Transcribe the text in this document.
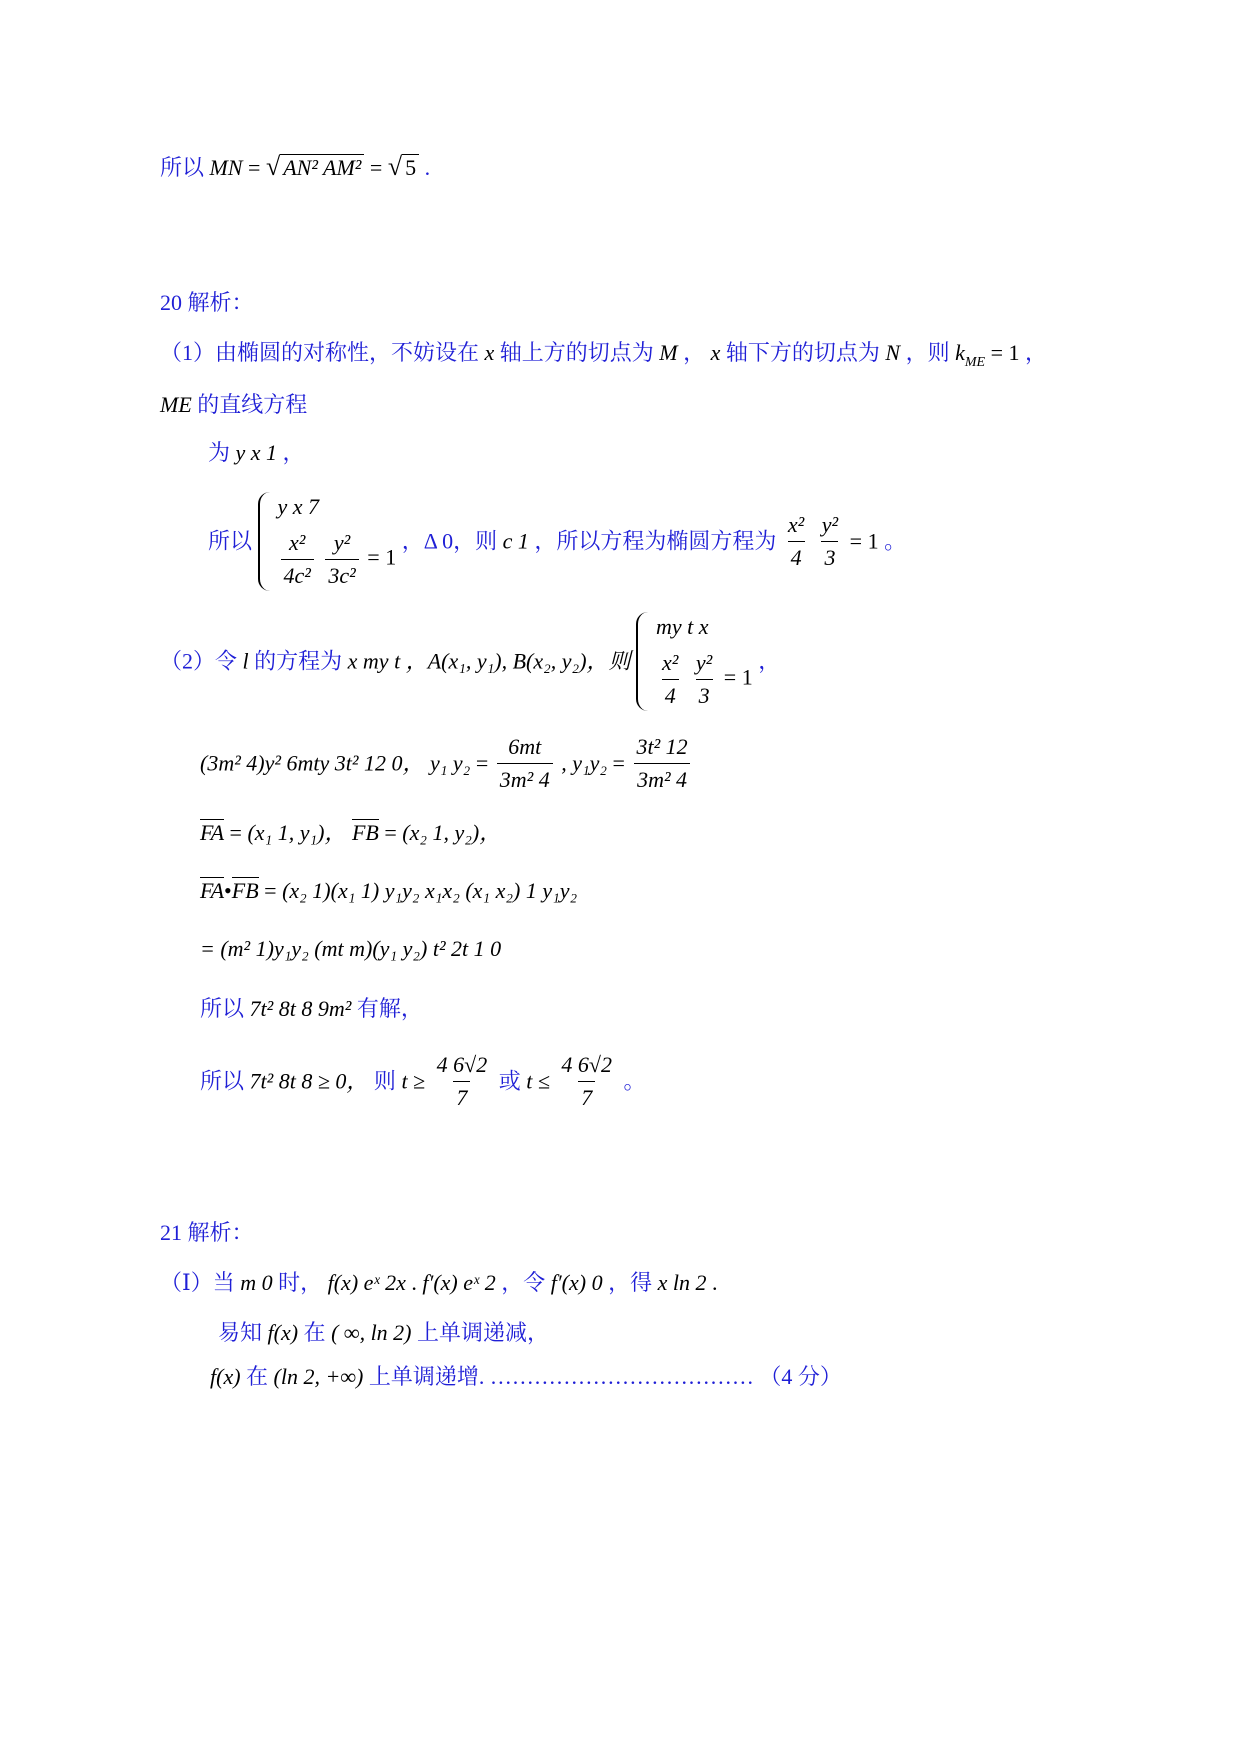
所以 MN = √ AN² AM² = √ 5 .
20 解析：
（1）由椭圆的对称性，不妨设在 x 轴上方的切点为 M ， x 轴下方的切点为 N ，则 $k_{ME} = 1$ ，
ME 的直线方程
为 y x 1 ，
所以
y x 7
$\frac{\text{x²}}{\text{4c²}}$
$\frac{\text{y²}}{\text{3c²}} = 1$
，Δ 0，则 c 1 ，所以方程为椭圆方程为 $\frac{\text{x²}}{4}$
$\frac{\text{y²}}{3} = 1$ 。
（2）令 l 的方程为 x my t ，A(x₁, y₁), B(x₂, y₂)，则
my t x
$\frac{\text{x²}}{4}$
$\frac{\text{y²}}{3} = 1$
，
(3m² 4)y² 6mty 3t² 12 0， y₁ $y_2 = \frac{6mt}{\text{3m² 4}}$ , $y_1y_2 = \frac{\text{3t² 12}}{\text{3m² 4}}$
FA = (x₁ 1, y₁)， FB = (x₂ 1, y₂)，
FA•FB = (x₂ 1)(x₁ 1) y₁y₂ x₁x₂ (x₁ x₂) 1 y₁y₂
= (m² 1)y₁y₂ (mt m)(y₁ y₂) t² 2t 1 0
所以 7t² 8t 8 9m² 有解，
所以 7t² 8t 8 ≥ 0， 则 $t \ge \frac{4 6√2}{7}$ 或 $t \le \frac{4 6√2}{7}$ 。
21 解析：
（Ⅰ）当 m 0 时， f(x) eˣ 2x . f′(x) eˣ 2 ，令 f′(x) 0 ，得 x ln 2 .
易知 f(x) 在 ( ∞, ln 2) 上单调递减，
f(x) 在 (ln 2, +∞) 上单调递增. ……………………………… （4 分）
